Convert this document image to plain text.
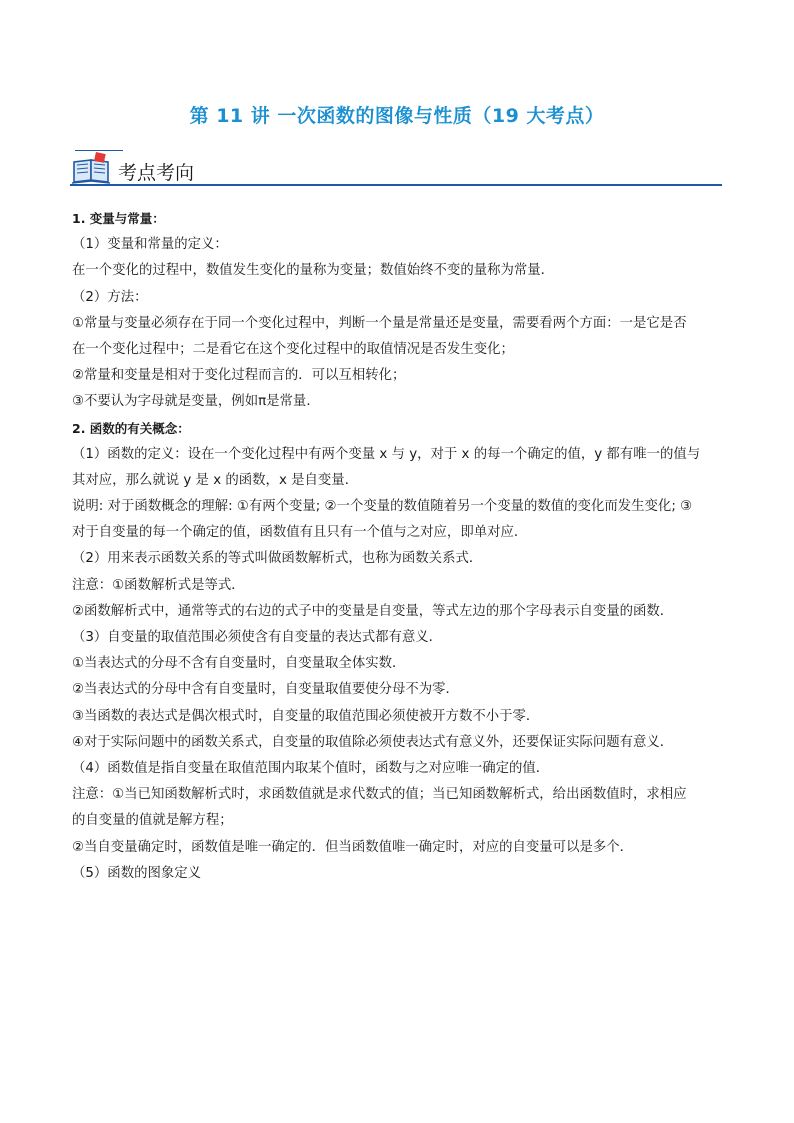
第 11 讲 一次函数的图像与性质（19 大考点）
考点考向
1. 变量与常量：
（1）变量和常量的定义：
在一个变化的过程中，数值发生变化的量称为变量；数值始终不变的量称为常量．
（2）方法：
①常量与变量必须存在于同一个变化过程中，判断一个量是常量还是变量，需要看两个方面：一是它是否
在一个变化过程中；二是看它在这个变化过程中的取值情况是否发生变化；
②常量和变量是相对于变化过程而言的．可以互相转化；
③不要认为字母就是变量，例如π是常量．
2. 函数的有关概念：
（1）函数的定义：设在一个变化过程中有两个变量 x 与 y，对于 x 的每一个确定的值，y 都有唯一的值与
其对应，那么就说 y 是 x 的函数，x 是自变量．
说明: 对于函数概念的理解: ①有两个变量; ②一个变量的数值随着另一个变量的数值的变化而发生变化; ③
对于自变量的每一个确定的值，函数值有且只有一个值与之对应，即单对应．
（2）用来表示函数关系的等式叫做函数解析式，也称为函数关系式．
注意：①函数解析式是等式．
②函数解析式中，通常等式的右边的式子中的变量是自变量，等式左边的那个字母表示自变量的函数．
（3）自变量的取值范围必须使含有自变量的表达式都有意义．
①当表达式的分母不含有自变量时，自变量取全体实数．
②当表达式的分母中含有自变量时，自变量取值要使分母不为零．
③当函数的表达式是偶次根式时，自变量的取值范围必须使被开方数不小于零．
④对于实际问题中的函数关系式，自变量的取值除必须使表达式有意义外，还要保证实际问题有意义．
（4）函数值是指自变量在取值范围内取某个值时，函数与之对应唯一确定的值．
注意：①当已知函数解析式时，求函数值就是求代数式的值；当已知函数解析式，给出函数值时，求相应
的自变量的值就是解方程；
②当自变量确定时，函数值是唯一确定的．但当函数值唯一确定时，对应的自变量可以是多个．
（5）函数的图象定义
